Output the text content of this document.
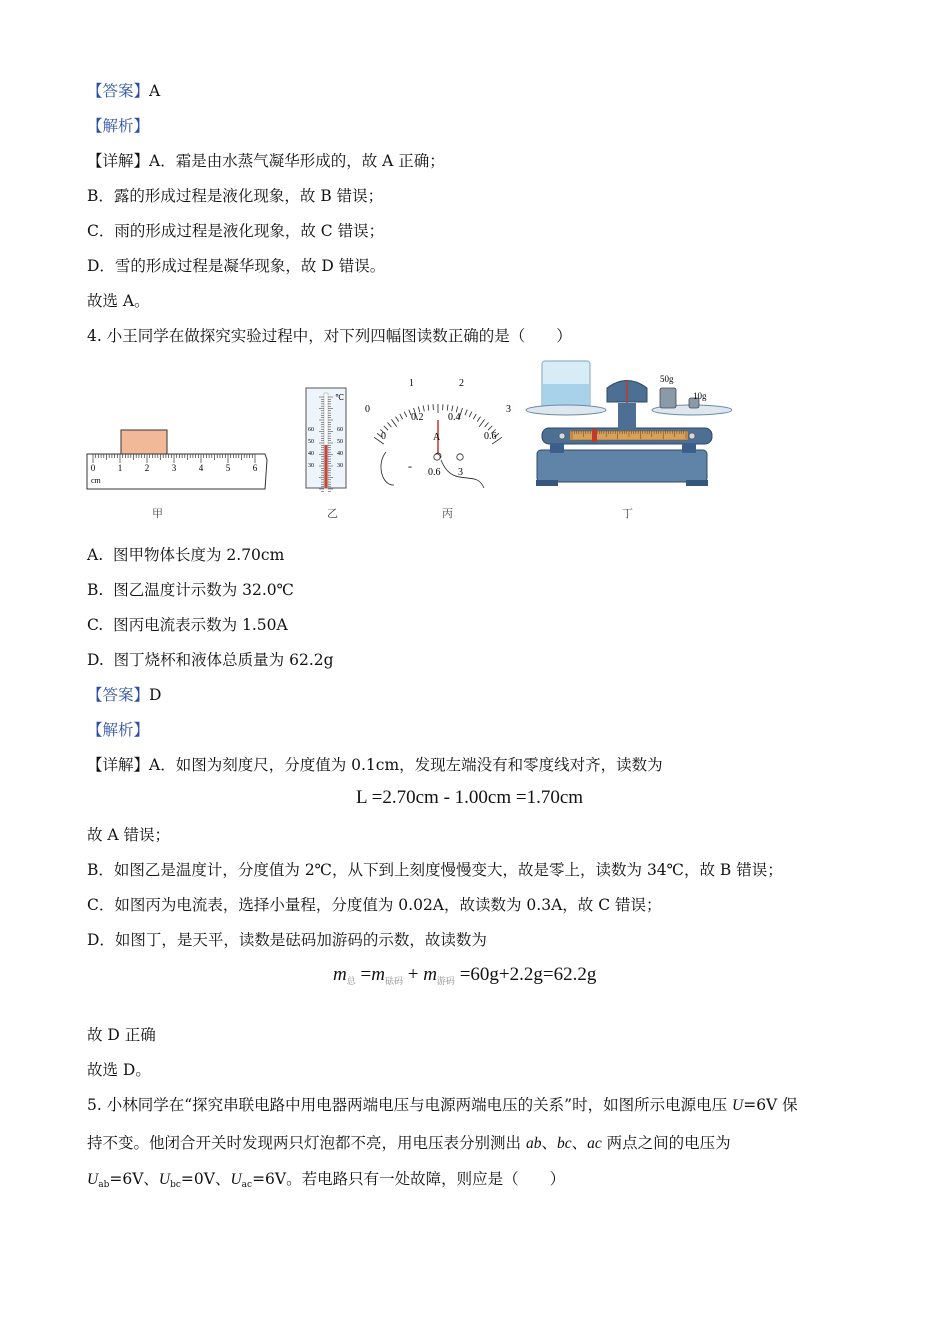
【答案】A
【解析】
【详解】A．霜是由水蒸气凝华形成的，故 A 正确；
B．露的形成过程是液化现象，故 B 错误；
C．雨的形成过程是液化现象，故 C 错误；
D．雪的形成过程是凝华现象，故 D 错误。
故选 A。
4. 小王同学在做探究实验过程中，对下列四幅图读数正确的是（　　）
0	1	2	3	4	5	6
cm
℃
60
50
40
30
60
50
40
30
0
1	2
3
0
0.2 0.4
0.6
A
- 0.6 3
50g
10g
甲	乙	丙	丁
A. 图甲物体长度为 2.70cm
B. 图乙温度计示数为 32.0℃
C. 图丙电流表示数为 1.50A
D. 图丁烧杯和液体总质量为 62.2g
【答案】D
【解析】
【详解】A．如图为刻度尺，分度值为 0.1cm，发现左端没有和零度线对齐，读数为
L =2.70cm - 1.00cm =1.70cm
故 A 错误；
B．如图乙是温度计，分度值为 2℃，从下到上刻度慢慢变大，故是零上，读数为 34℃，故 B 错误；
C．如图丙为电流表，选择小量程，分度值为 0.02A，故读数为 0.3A，故 C 错误；
D．如图丁，是天平，读数是砝码加游码的示数，故读数为
$m_总 =m_{砝码} + m_{游码} =60g+2.2g=62.2g$
故 D 正确
故选 D。
5. 小林同学在“探究串联电路中用电器两端电压与电源两端电压的关系”时，如图所示电源电压 U=6V 保
持不变。他闭合开关时发现两只灯泡都不亮，用电压表分别测出 ab、bc、ac 两点之间的电压为
$U_{ab}=6V$、$U_{bc}=0V$、$U_{ac}=6V$。若电路只有一处故障，则应是（　　）
